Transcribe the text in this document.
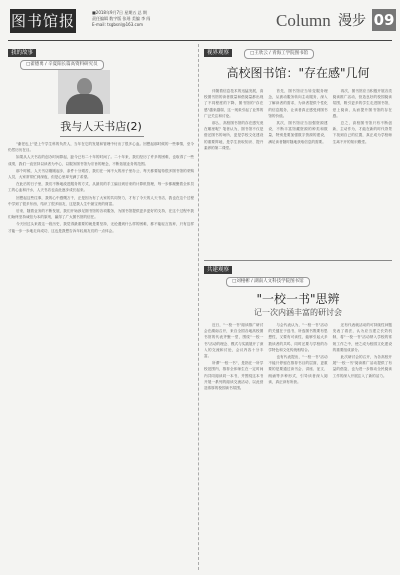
图书馆报	■2018年9月7日 星期五 总 期
责任编辑 数字版 张瑶 美编 李 闯
E-mail: tsgbsnl@163.com	Column 漫步 09
我的故事
□翟德勇 / 辛夏阳长篇高资料研究员
我与人天书店(2)

"谢老也上"是上午学生科的负责人，当年在它的发展和管理中付出了很多心血。回想起那时候的一些事情，至今仍然历历在目。

如果从人天书店的创办时间算起，距今已有二十年的时间了。二十年来，我们经历了许多的困难，也取得了一些成绩，我们一直坚持以读者为中心，以服务图书馆为宗旨的理念，不断拓展业务的范围。

那个时候，人天书店刚刚起步，条件十分艰苦，我们在一间不大的房子里办公，每天都要接待很多图书馆的采购人员，大家常常忙到深夜，但是心里却充满了希望。

在此后的日子里，我们不断地改进服务的方式，从最初的手工编目到后来的计算机管理，每一步都凝聚着全体员工的心血和汗水，人天书店也由此逐步成长起来。

回想起这些往事，我的心中感慨万千，正是因为有了大家的共同努力，才有了今天的人天书店，我也在这个过程中学到了很多东西，结识了很多朋友，这是我人生中最宝贵的财富。

后来，随着业务的不断发展，我们开始涉足图书馆的各项服务，为图书馆提供更多更好的支持，在这个过程中我们始终坚持诚信为本的原则，赢得了广大图书馆的信任。

今天回过头来看这一段历史，我觉得最重要的就是要坚持，无论遇到什么样的困难，都不能轻言放弃，只有这样才能一步一步地走向成功，这也是我想告诉年轻朋友们的一点体会。

视界观察	□王欣云 / 青海工学院图书馆
高校图书馆："存在感"几何

伴随着信息技术的迅猛发展，高校图书馆的读者数量和借阅量都出现了不同程度的下降，图书馆的"存在感"越来越弱，这一现象引起了业界的广泛关注和讨论。

那么，高校图书馆的存在感究竟在哪里呢？笔者认为，图书馆不仅是借还图书的场所，更是学校文化建设的重要阵地，是学生获取知识、提升素养的第二课堂。

首先，图书馆应当转变服务理念，从被动服务转向主动服务，深入了解读者的需求，为读者提供个性化的信息服务，让读者真正感受到图书馆的价值。

其次，图书馆应当加强资源建设，不断丰富馆藏资源的种类和数量，特别是要加强数字资源的建设，满足读者随时随地获取信息的需要。

再次，图书馆应当积极开展各类阅读推广活动，营造良好的校园阅读氛围，吸引更多的学生走进图书馆，爱上阅读，从而提升图书馆的存在感。

总之，高校图书馆只有不断创新，主动作为，才能在新的时代背景下找到自己的位置，真正成为学校师生离不开的知识殿堂。

共建观察
□刘栩彬 / 湖南人文科技学院图书馆
"一校一书"思辨
记一次内涵丰富的研讨会

近日，"一校一书"阅读推广研讨会在湖南召开，来自全国各地高校图书馆的代表齐聚一堂，围绕"一校一书"活动的理念、模式与实践展开了深入的交流和讨论，会议内容十分丰富。

所谓"一校一书"，是指在一所学校范围内，推荐全体师生在一定时间内共同阅读同一本书，并围绕这本书开展一系列的阅读交流活动，以此营造浓厚的校园读书氛围。

与会代表认为，"一校一书"活动的关键在于选书，所选图书既要有思想性，又要有可读性，能够引起大多数读者的共鸣，同时还要与学校的办学特色和文化传统相结合。

也有代表提出，"一校一书"活动不能只停留在推荐书目的层面，更重要的是要通过读书会、讲座、征文、朗诵等多种形式，引导读者深入阅读，真正读有所获。

还有代表就活动的可持续性问题发表了看法，认为应当建立长效机制，将"一校一书"活动纳入学校的常规工作之中，使之成为校园文化建设的重要组成部分。

此次研讨会的召开，为各高校开展"一校一书"阅读推广活动提供了有益的借鉴，也为进一步推动全民阅读工作的深入开展注入了新的活力。
